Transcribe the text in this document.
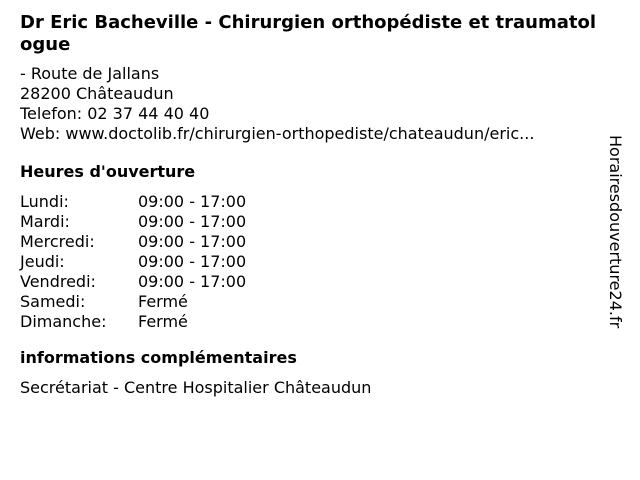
Dr Eric Bacheville - Chirurgien orthopédiste et traumatologue
- Route de Jallans
28200 Châteaudun
Telefon: 02 37 44 40 40
Web: www.doctolib.fr/chirurgien-orthopediste/chateaudun/eric...
Heures d'ouverture
Lundi:	09:00 - 17:00
Mardi:	09:00 - 17:00
Mercredi:	09:00 - 17:00
Jeudi:	09:00 - 17:00
Vendredi:	09:00 - 17:00
Samedi:	Fermé
Dimanche:	Fermé
informations complémentaires
Secrétariat - Centre Hospitalier Châteaudun
Horairesdouverture24.fr
